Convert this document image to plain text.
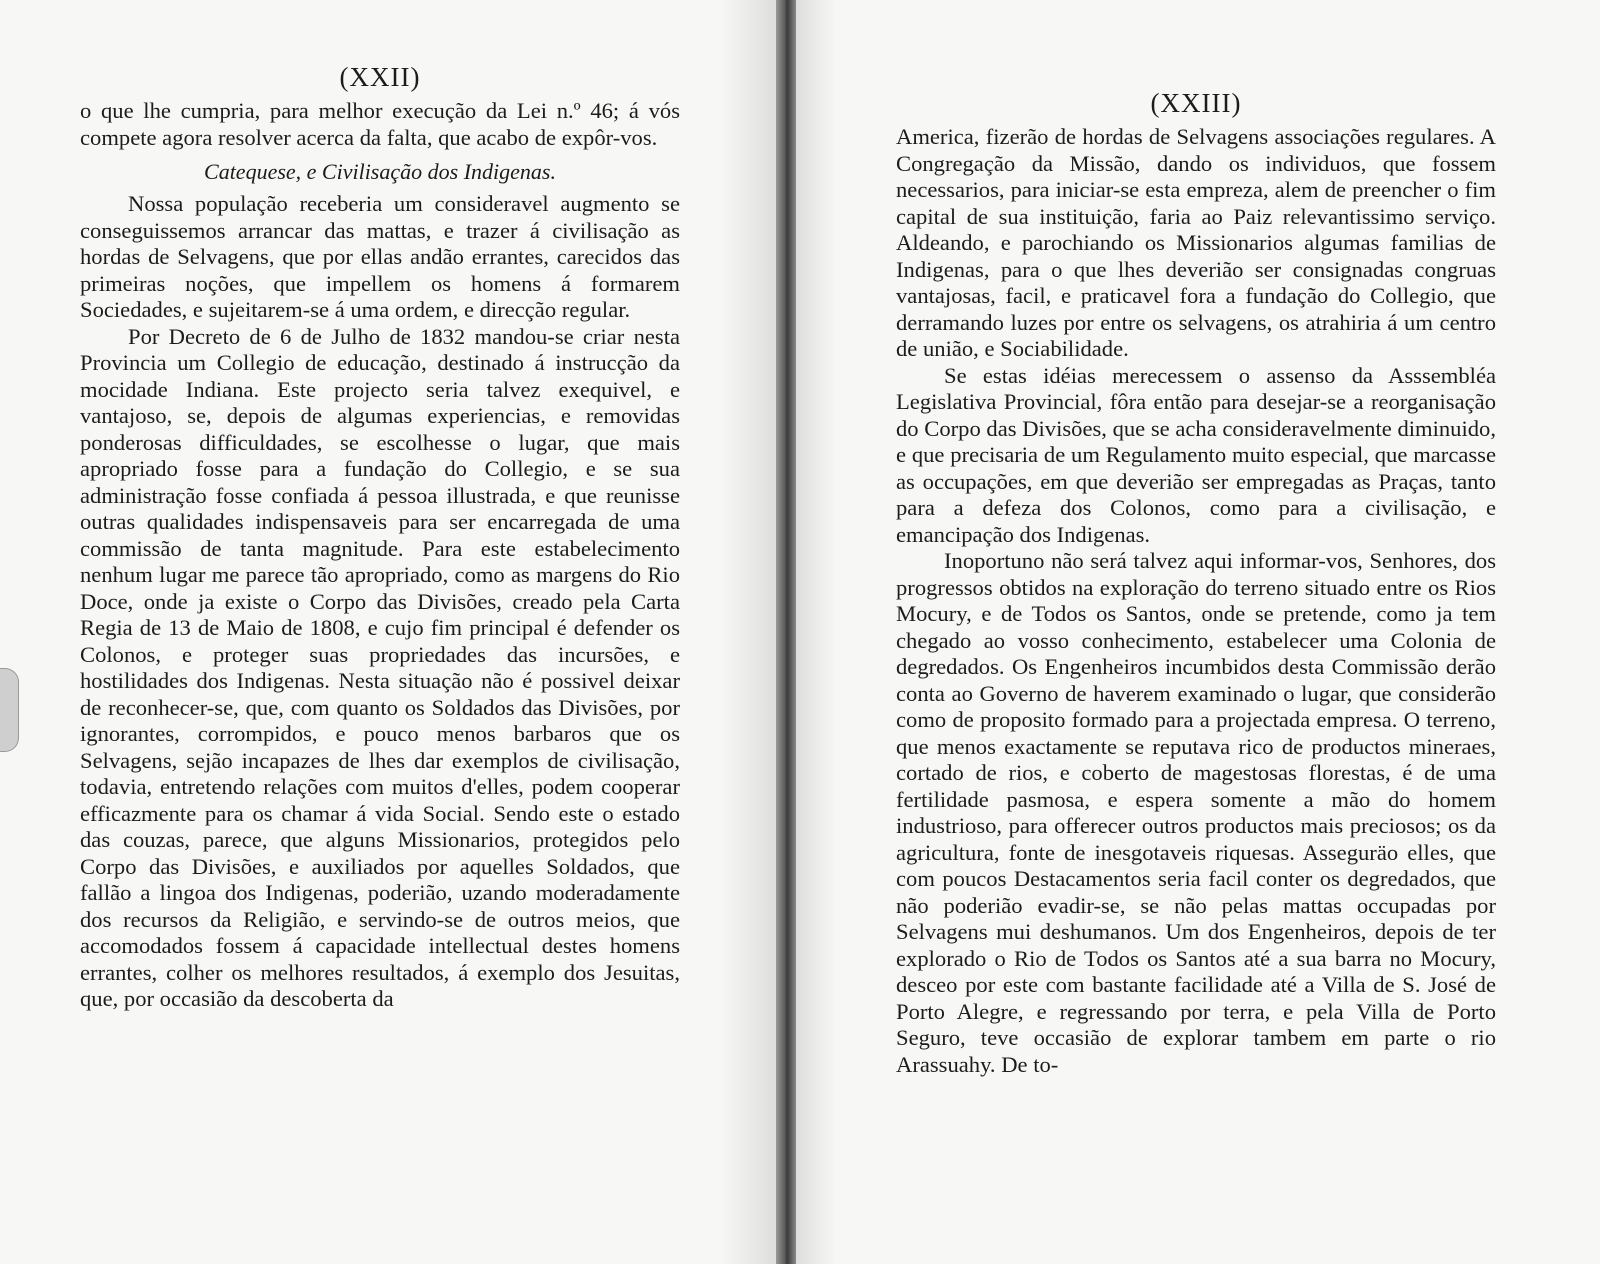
(XXII)

o que lhe cumpria, para melhor execução da Lei n.º 46; á vós compete agora resolver acerca da falta, que acabo de expôr-vos.

Catequese, e Civilisação dos Indigenas.

Nossa população receberia um consideravel augmento se conseguissemos arrancar das mattas, e trazer á civilisação as hordas de Selvagens, que por ellas andão errantes, carecidos das primeiras noções, que impellem os homens á formarem Sociedades, e sujeitarem-se á uma ordem, e direcção regular.

Por Decreto de 6 de Julho de 1832 mandou-se criar nesta Provincia um Collegio de educação, destinado á instrucção da mocidade Indiana. Este projecto seria talvez exequivel, e vantajoso, se, depois de algumas experiencias, e removidas ponderosas difficuldades, se escolhesse o lugar, que mais apropriado fosse para a fundação do Collegio, e se sua administração fosse confiada á pessoa illustrada, e que reunisse outras qualidades indispensaveis para ser encarregada de uma commissão de tanta magnitude. Para este estabelecimento nenhum lugar me parece tão apropriado, como as margens do Rio Doce, onde ja existe o Corpo das Divisões, creado pela Carta Regia de 13 de Maio de 1808, e cujo fim principal é defender os Colonos, e proteger suas propriedades das incursões, e hostilidades dos Indigenas. Nesta situação não é possivel deixar de reconhecer-se, que, com quanto os Soldados das Divisões, por ignorantes, corrompidos, e pouco menos barbaros que os Selvagens, sejão incapazes de lhes dar exemplos de civilisação, todavia, entretendo relações com muitos d'elles, podem cooperar efficazmente para os chamar á vida Social. Sendo este o estado das couzas, parece, que alguns Missionarios, protegidos pelo Corpo das Divisões, e auxiliados por aquelles Soldados, que fallão a lingoa dos Indigenas, poderião, uzando moderadamente dos recursos da Religião, e servindo-se de outros meios, que accomodados fossem á capacidade intellectual destes homens errantes, colher os melhores resultados, á exemplo dos Jesuitas, que, por occasião da descoberta da

(XXIII)

America, fizerão de hordas de Selvagens associações regulares. A Congregação da Missão, dando os individuos, que fossem necessarios, para iniciar-se esta empreza, alem de preencher o fim capital de sua instituição, faria ao Paiz relevantissimo serviço. Aldeando, e parochiando os Missionarios algumas familias de Indigenas, para o que lhes deverião ser consignadas congruas vantajosas, facil, e praticavel fora a fundação do Collegio, que derramando luzes por entre os selvagens, os atrahiria á um centro de união, e Sociabilidade.

Se estas idéias merecessem o assenso da Asssembléa Legislativa Provincial, fôra então para desejar-se a reorganisação do Corpo das Divisões, que se acha consideravelmente diminuido, e que precisaria de um Regulamento muito especial, que marcasse as occupações, em que deverião ser empregadas as Praças, tanto para a defeza dos Colonos, como para a civilisação, e emancipação dos Indigenas.

Inoportuno não será talvez aqui informar-vos, Senhores, dos progressos obtidos na exploração do terreno situado entre os Rios Mocury, e de Todos os Santos, onde se pretende, como ja tem chegado ao vosso conhecimento, estabelecer uma Colonia de degredados. Os Engenheiros incumbidos desta Commissão derão conta ao Governo de haverem examinado o lugar, que considerão como de proposito formado para a projectada empresa. O terreno, que menos exactamente se reputava rico de productos mineraes, cortado de rios, e coberto de magestosas florestas, é de uma fertilidade pasmosa, e espera somente a mão do homem industrioso, para offerecer outros productos mais preciosos; os da agricultura, fonte de inesgotaveis riquesas. Asseguräo elles, que com poucos Destacamentos seria facil conter os degredados, que não poderião evadir-se, se não pelas mattas occupadas por Selvagens mui deshumanos. Um dos Engenheiros, depois de ter explorado o Rio de Todos os Santos até a sua barra no Mocury, desceo por este com bastante facilidade até a Villa de S. José de Porto Alegre, e regressando por terra, e pela Villa de Porto Seguro, teve occasião de explorar tambem em parte o rio Arassuahy. De to-
